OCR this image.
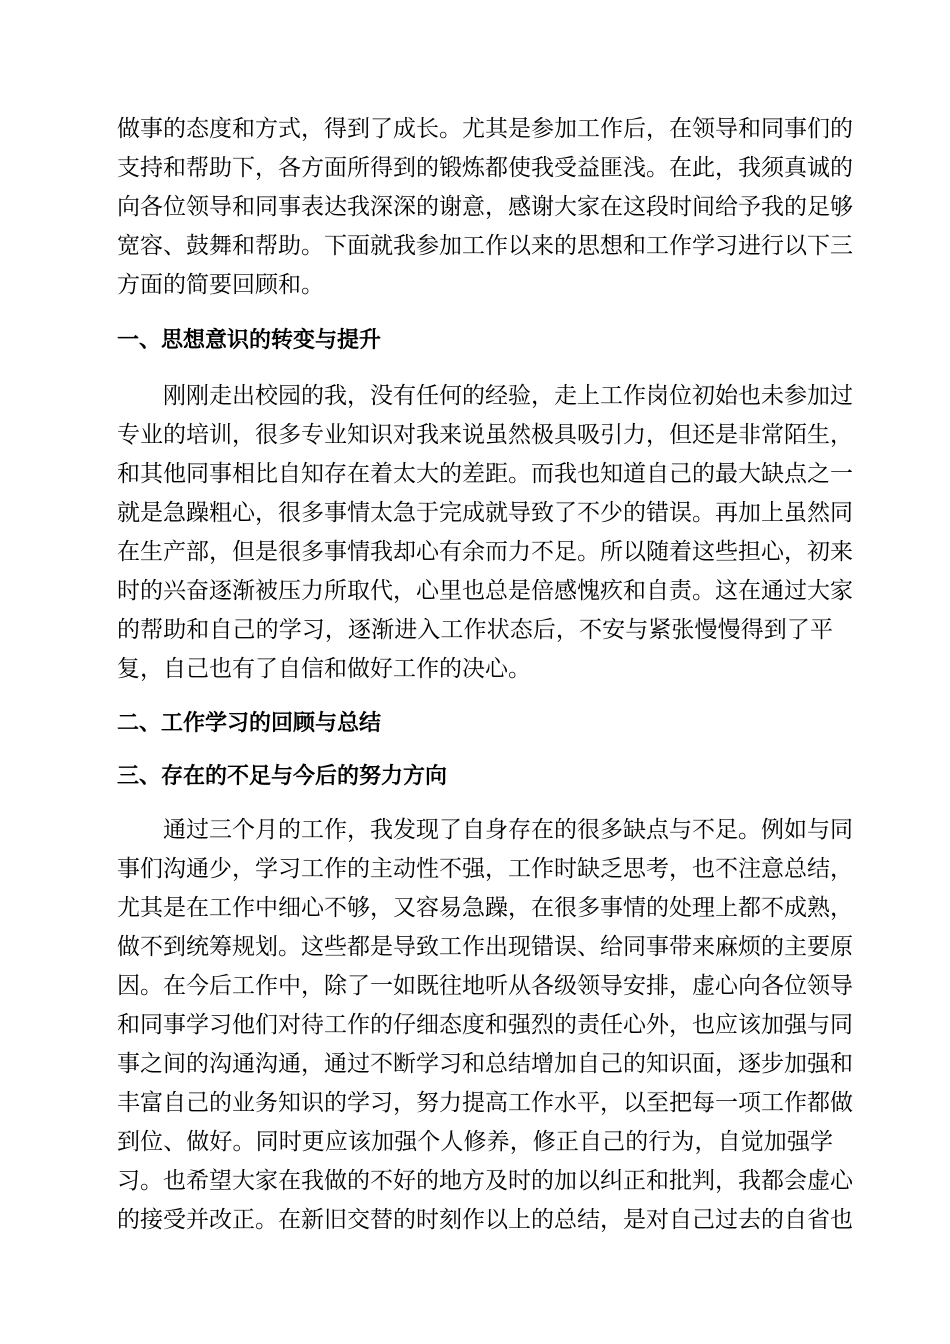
做事的态度和方式，得到了成长。尤其是参加工作后，在领导和同事们的
支持和帮助下，各方面所得到的锻炼都使我受益匪浅。在此，我须真诚的
向各位领导和同事表达我深深的谢意，感谢大家在这段时间给予我的足够
宽容、鼓舞和帮助。下面就我参加工作以来的思想和工作学习进行以下三
方面的简要回顾和。
一、思想意识的转变与提升
刚刚走出校园的我，没有任何的经验，走上工作岗位初始也未参加过
专业的培训，很多专业知识对我来说虽然极具吸引力，但还是非常陌生，
和其他同事相比自知存在着太大的差距。而我也知道自己的最大缺点之一
就是急躁粗心，很多事情太急于完成就导致了不少的错误。再加上虽然同
在生产部，但是很多事情我却心有余而力不足。所以随着这些担心，初来
时的兴奋逐渐被压力所取代，心里也总是倍感愧疚和自责。这在通过大家
的帮助和自己的学习，逐渐进入工作状态后，不安与紧张慢慢得到了平
复，自己也有了自信和做好工作的决心。
二、工作学习的回顾与总结
三、存在的不足与今后的努力方向
通过三个月的工作，我发现了自身存在的很多缺点与不足。例如与同
事们沟通少，学习工作的主动性不强，工作时缺乏思考，也不注意总结，
尤其是在工作中细心不够，又容易急躁，在很多事情的处理上都不成熟，
做不到统筹规划。这些都是导致工作出现错误、给同事带来麻烦的主要原
因。在今后工作中，除了一如既往地听从各级领导安排，虚心向各位领导
和同事学习他们对待工作的仔细态度和强烈的责任心外，也应该加强与同
事之间的沟通沟通，通过不断学习和总结增加自己的知识面，逐步加强和
丰富自己的业务知识的学习，努力提高工作水平，以至把每一项工作都做
到位、做好。同时更应该加强个人修养，修正自己的行为，自觉加强学
习。也希望大家在我做的不好的地方及时的加以纠正和批判，我都会虚心
的接受并改正。在新旧交替的时刻作以上的总结，是对自己过去的自省也
